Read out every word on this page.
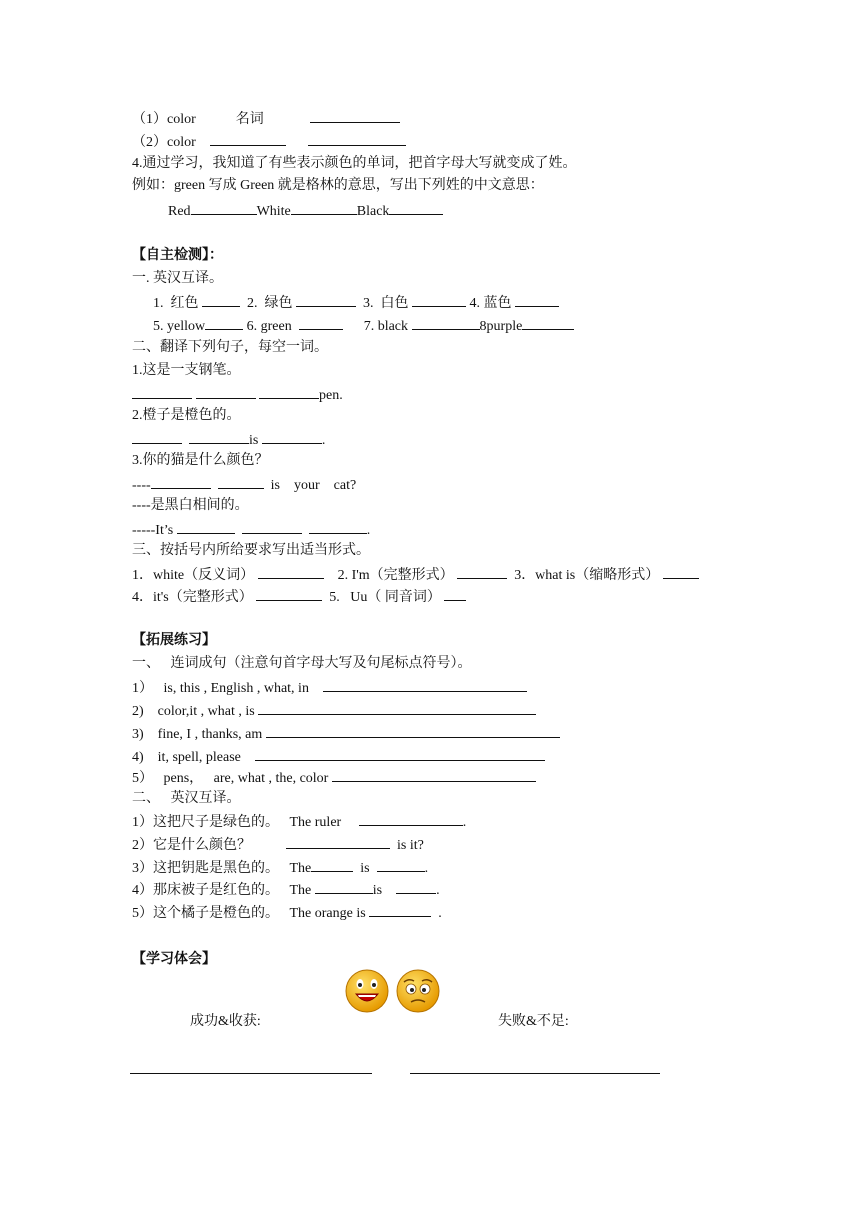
（1）color	名词
（2）color
4.通过学习，我知道了有些表示颜色的单词，把首字母大写就变成了姓。
例如：green 写成 Green 就是格林的意思，写出下列姓的中文意思：
Red	White	Black
【自主检测】：
一. 英汉互译。
1.  红色	2.  绿色	3.  白色	4. 蓝色
5. yellow	6. green	7. black	8purple
二、翻译下列句子，每空一词。
1.这是一支钢笔。
pen.
2.橙子是橙色的。
is	.
3.你的猫是什么颜色？
----	is    your    cat?
----是黑白相间的。
-----It’s	.
三、按括号内所给要求写出适当形式。
1．white（反义词）	2. I'm（完整形式）	3．what is（缩略形式）
4．it's（完整形式）	5.   Uu（ 同音词）
【拓展练习】
一、   连词成句（注意句首字母大写及句尾标点符号）。
1）   is, this , English , what, in
2)    color,it , what , is
3)    fine, I , thanks, am
4)    it, spell, please
5）   pens，   are, what , the, color
二、   英汉互译。
1）这把尺子是绿色的。   The ruler	.
2）它是什么颜色？	is it?
3）这把钥匙是黑色的。   The	is	.
4）那床被子是红色的。   The	is	.
5）这个橘子是橙色的。   The orange is	.
【学习体会】
成功&收获:	失败&不足:
